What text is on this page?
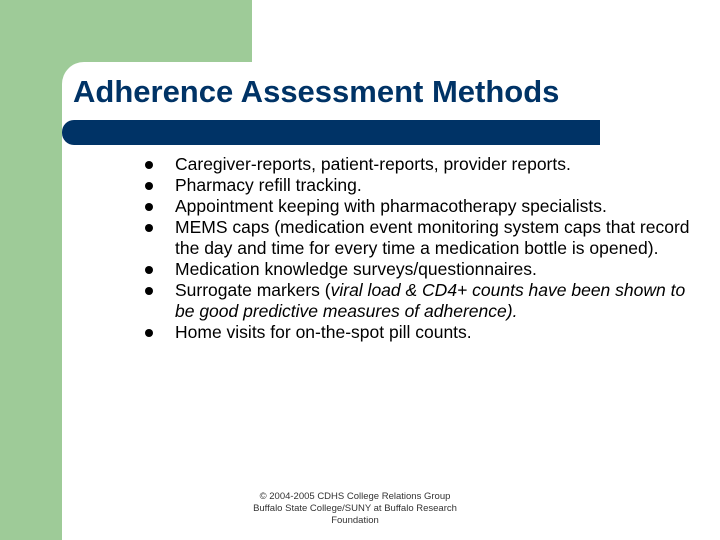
Adherence Assessment Methods
Caregiver-reports, patient-reports, provider reports.
Pharmacy refill tracking.
Appointment keeping with pharmacotherapy specialists.
MEMS caps (medication event monitoring system caps that record the day and time for every time a medication bottle is opened).
Medication knowledge surveys/questionnaires.
Surrogate markers (viral load & CD4+ counts have been shown to be good predictive measures of adherence).
Home visits for on-the-spot pill counts.
© 2004-2005 CDHS College Relations Group
Buffalo State College/SUNY at Buffalo Research
Foundation
